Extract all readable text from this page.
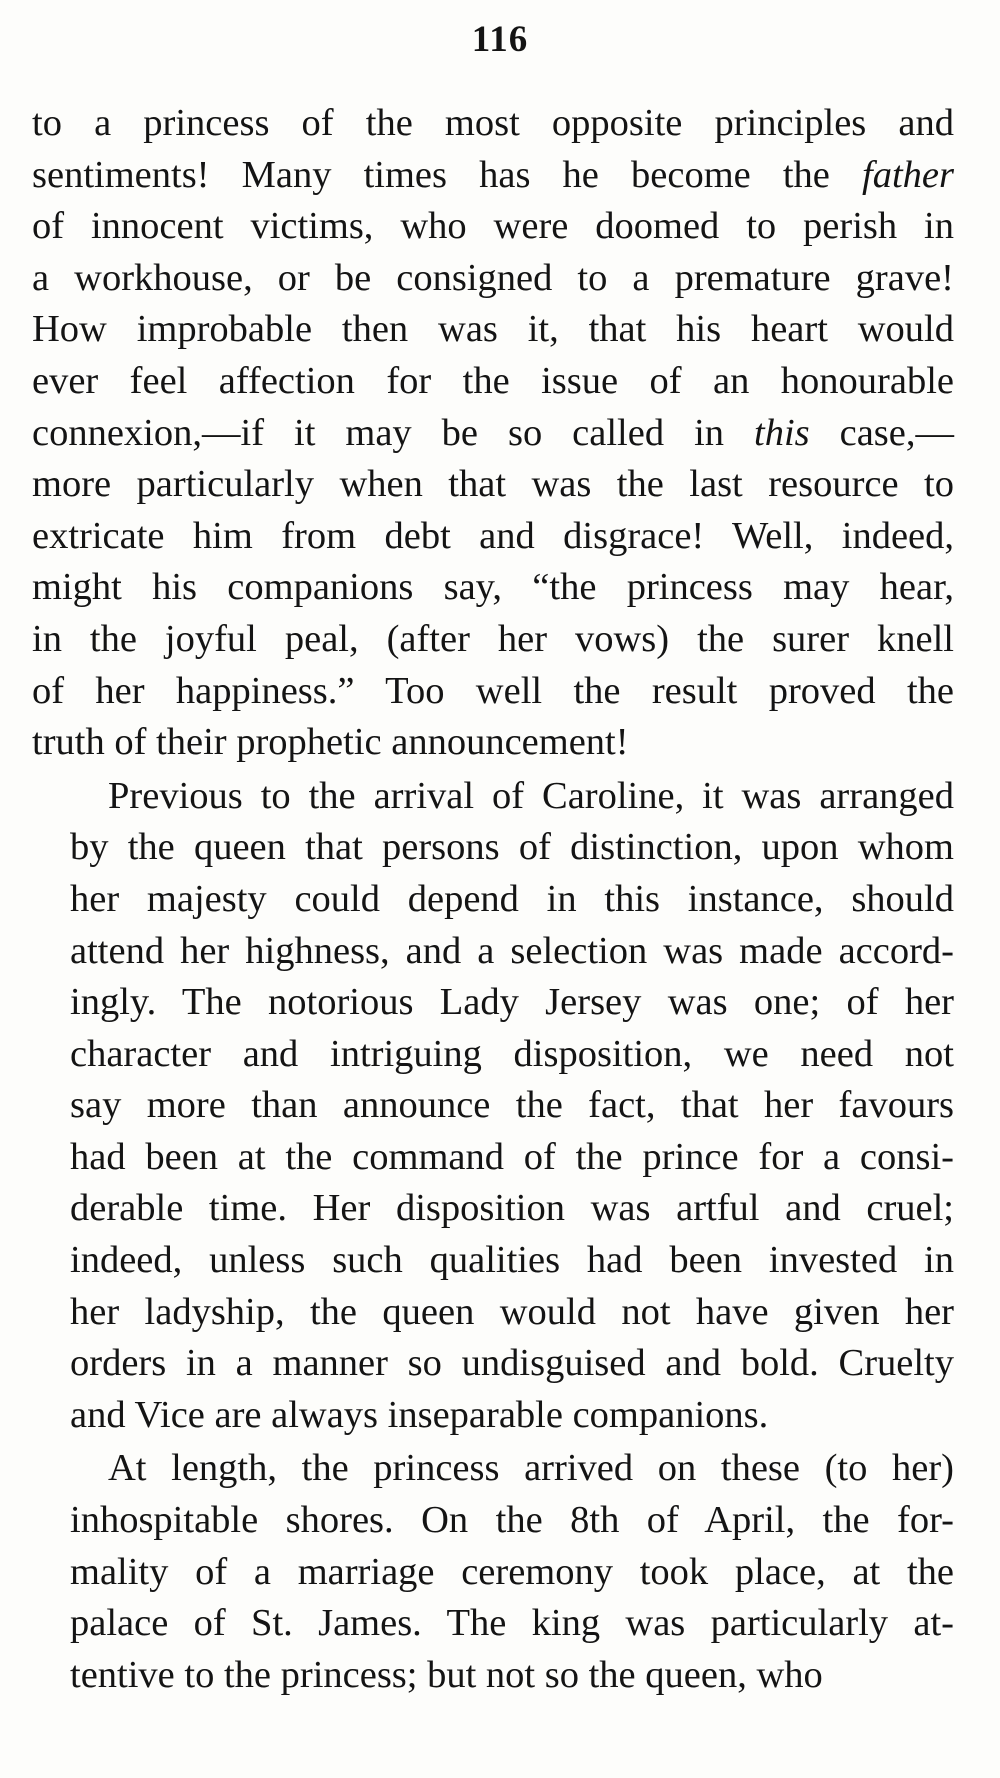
116
to a princess of the most opposite principles and
sentiments! Many times has he become the father
of innocent victims, who were doomed to perish in
a workhouse, or be consigned to a premature grave!
How improbable then was it, that his heart would
ever feel affection for the issue of an honourable
connexion,—if it may be so called in this case,—
more particularly when that was the last resource to
extricate him from debt and disgrace! Well, indeed,
might his companions say, “the princess may hear,
in the joyful peal, (after her vows) the surer knell
of her happiness.” Too well the result proved the
truth of their prophetic announcement!
Previous to the arrival of Caroline, it was arranged
by the queen that persons of distinction, upon whom
her majesty could depend in this instance, should
attend her highness, and a selection was made accord-
ingly. The notorious Lady Jersey was one; of her
character and intriguing disposition, we need not
say more than announce the fact, that her favours
had been at the command of the prince for a consi-
derable time. Her disposition was artful and cruel;
indeed, unless such qualities had been invested in
her ladyship, the queen would not have given her
orders in a manner so undisguised and bold. Cruelty
and Vice are always inseparable companions.
At length, the princess arrived on these (to her)
inhospitable shores. On the 8th of April, the for-
mality of a marriage ceremony took place, at the
palace of St. James. The king was particularly at-
tentive to the princess; but not so the queen, who
